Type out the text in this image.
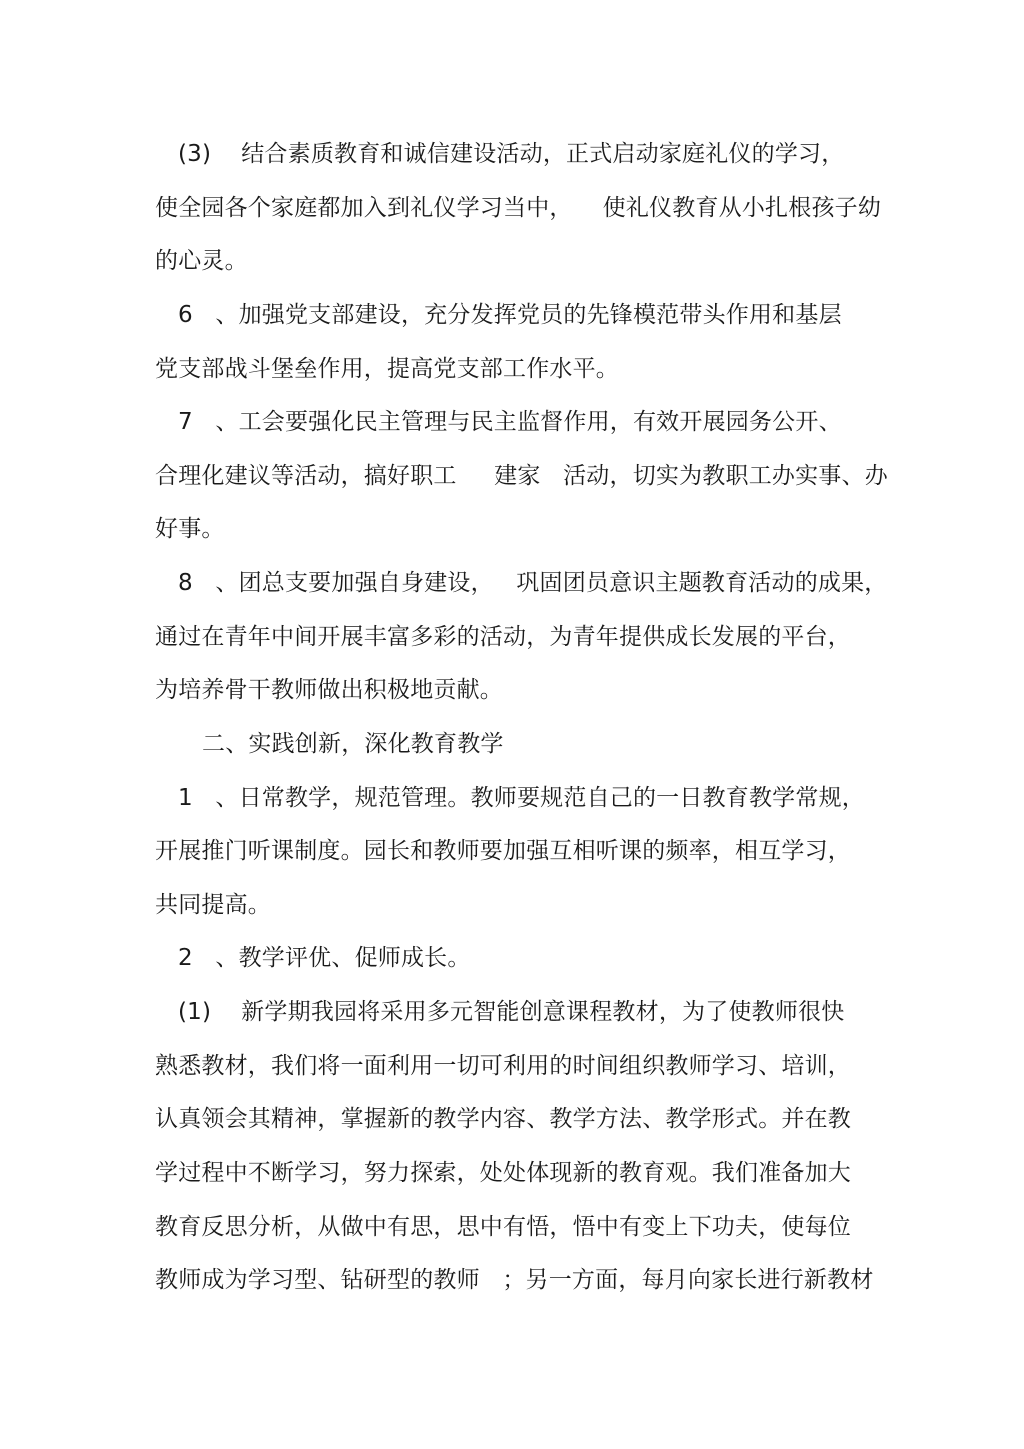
(3)    结合素质教育和诚信建设活动，正式启动家庭礼仪的学习，
使全园各个家庭都加入到礼仪学习当中，    使礼仪教育从小扎根孩子幼
的心灵。
6   、加强党支部建设，充分发挥党员的先锋模范带头作用和基层
党支部战斗堡垒作用，提高党支部工作水平。
7   、工会要强化民主管理与民主监督作用，有效开展园务公开、
合理化建议等活动，搞好职工     建家   活动，切实为教职工办实事、办
好事。
8   、团总支要加强自身建设，   巩固团员意识主题教育活动的成果，
通过在青年中间开展丰富多彩的活动，为青年提供成长发展的平台，
为培养骨干教师做出积极地贡献。
二、实践创新，深化教育教学
1   、日常教学，规范管理。教师要规范自己的一日教育教学常规，
开展推门听课制度。园长和教师要加强互相听课的频率，相互学习，
共同提高。
2   、教学评优、促师成长。
(1)    新学期我园将采用多元智能创意课程教材，为了使教师很快
熟悉教材，我们将一面利用一切可利用的时间组织教师学习、培训，
认真领会其精神，掌握新的教学内容、教学方法、教学形式。并在教
学过程中不断学习，努力探索，处处体现新的教育观。我们准备加大
教育反思分析，从做中有思，思中有悟，悟中有变上下功夫，使每位
教师成为学习型、钻研型的教师   ；另一方面，每月向家长进行新教材
